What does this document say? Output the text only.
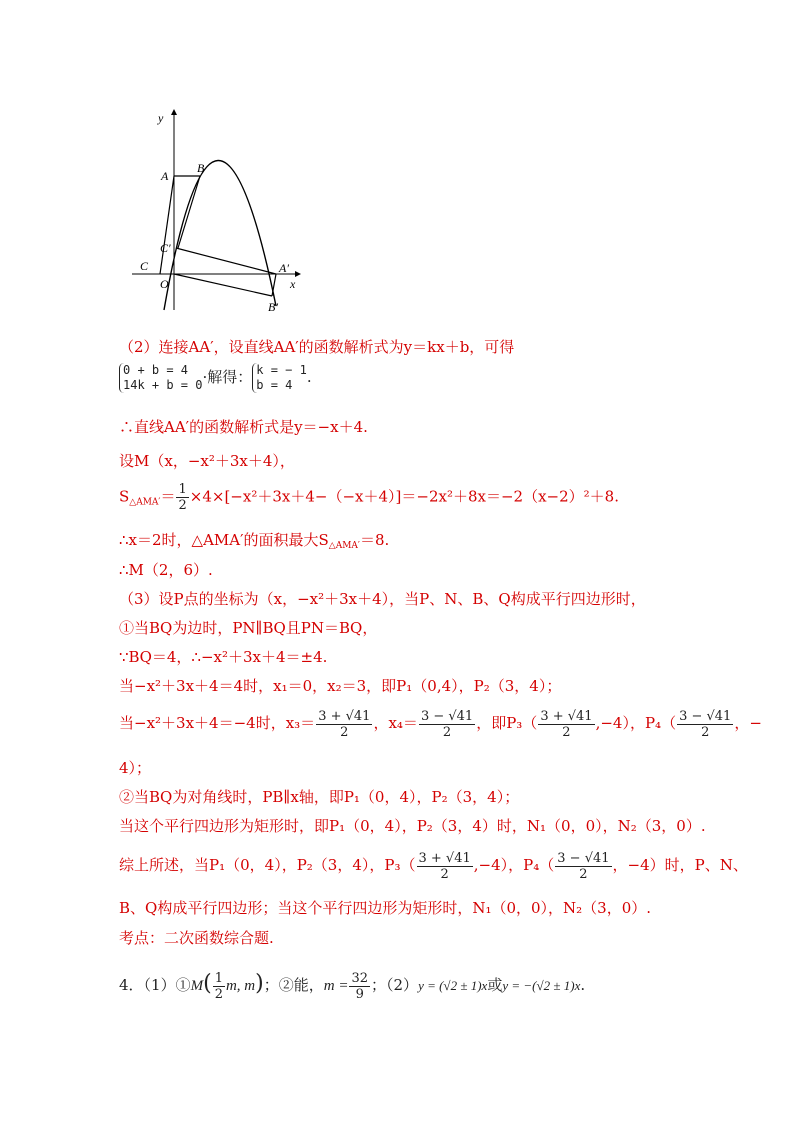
y
x
A
B
C
C′
O
A′
B′
（2）连接AA′，设直线AA′的函数解析式为y＝kx＋b，可得
0 + b = 4
14k + b = 0 ·解得： k = − 1
b = 4 .
∴直线AA′的函数解析式是y＝−x＋4.
设M（x，−x²＋3x＋4），
$S_{\triangle AMA'}= \frac{1}{2} \times 4\times[-x^2+3x+4-(-x+4)]=-2x^2+8x=-2(x-2)^2+8$.
∴x＝2时，△AMA′的面积最大$S_{\triangle AMA'}=8$.
∴M（2，6）.
（3）设P点的坐标为（x，−x²＋3x＋4），当P、N、B、Q构成平行四边形时，
①当BQ为边时，PN∥BQ且PN＝BQ，
∵BQ＝4，∴−x²＋3x＋4＝±4.
当−x²＋3x＋4＝4时，x₁＝0，x₂＝3，即P₁（0,4），P₂（3，4）；
当−x²＋3x＋4＝−4时，$x_3= \frac{3 + √41}{2}$ ，$x_4= \frac{3 - √41}{2}$ ，即$P_3( \frac{3 + √41}{2} ,-4)$，$P_4( \frac{3 - √41}{2}$ ，−
4）；
②当BQ为对角线时，PB∥x轴，即P₁（0，4），P₂（3，4）；
当这个平行四边形为矩形时，即P₁（0，4），P₂（3，4）时，N₁（0，0），N₂（3，0）.
综上所述，当P₁（0，4），P₂（3，4），$P_3( \frac{3 + √41}{2} ,-4)$，$P_4( \frac{3 - √41}{2}$ ，−4）时，P、N、
B、Q构成平行四边形；当这个平行四边形为矩形时，N₁（0，0），N₂（3，0）.
考点：二次函数综合题.
4．（1）①M( $\frac{1}{2} m$, m)；②能，$m = \frac{32}{9}$ ；（2）y = (√2 ± 1)x或y = −(√2 ± 1)x.
